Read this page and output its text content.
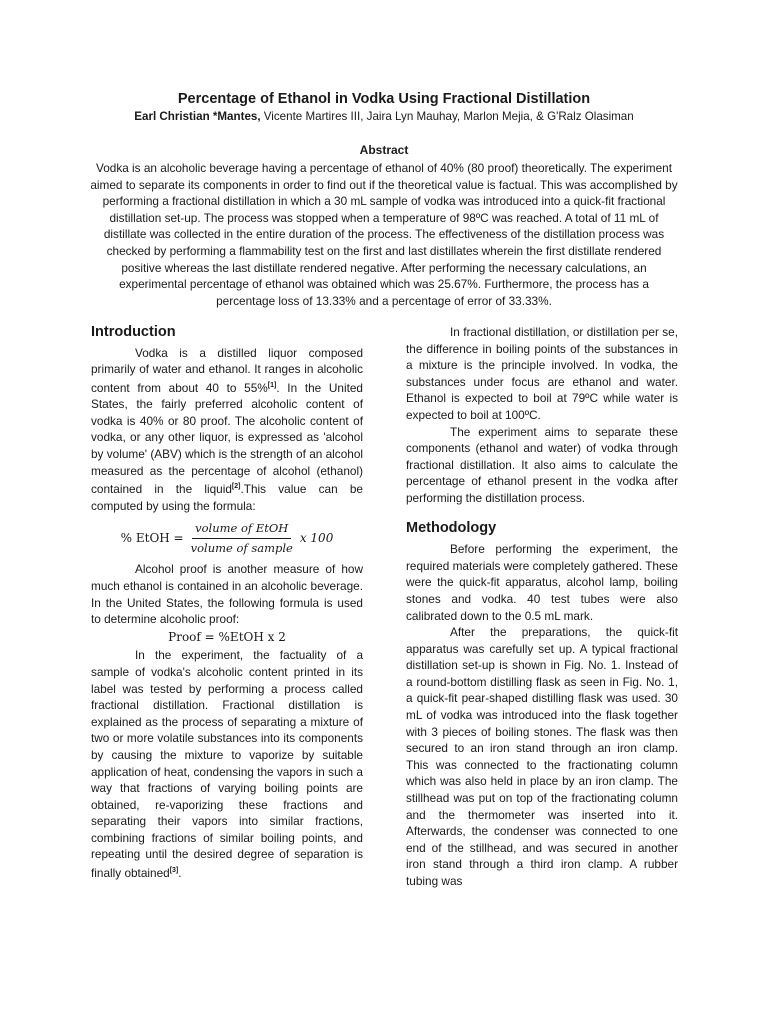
Percentage of Ethanol in Vodka Using Fractional Distillation
Earl Christian *Mantes, Vicente Martires III, Jaira Lyn Mauhay, Marlon Mejia, & G'Ralz Olasiman
Abstract
Vodka is an alcoholic beverage having a percentage of ethanol of 40% (80 proof) theoretically. The experiment aimed to separate its components in order to find out if the theoretical value is factual. This was accomplished by performing a fractional distillation in which a 30 mL sample of vodka was introduced into a quick-fit fractional distillation set-up. The process was stopped when a temperature of 98ºC was reached. A total of 11 mL of distillate was collected in the entire duration of the process. The effectiveness of the distillation process was checked by performing a flammability test on the first and last distillates wherein the first distillate rendered positive whereas the last distillate rendered negative. After performing the necessary calculations, an experimental percentage of ethanol was obtained which was 25.67%. Furthermore, the process has a percentage loss of 13.33% and a percentage of error of 33.33%.
Introduction

Vodka is a distilled liquor composed primarily of water and ethanol. It ranges in alcoholic content from about 40 to 55%[1]. In the United States, the fairly preferred alcoholic content of vodka is 40% or 80 proof. The alcoholic content of vodka, or any other liquor, is expressed as 'alcohol by volume' (ABV) which is the strength of an alcohol measured as the percentage of alcohol (ethanol) contained in the liquid[2].This value can be computed by using the formula:

% EtOH = $\frac{\text{volume of EtOH}}{\text{volume of sample}}$ x 100

Alcohol proof is another measure of how much ethanol is contained in an alcoholic beverage. In the United States, the following formula is used to determine alcoholic proof:

Proof = %EtOH x 2

In the experiment, the factuality of a sample of vodka's alcoholic content printed in its label was tested by performing a process called fractional distillation. Fractional distillation is explained as the process of separating a mixture of two or more volatile substances into its components by causing the mixture to vaporize by suitable application of heat, condensing the vapors in such a way that fractions of varying boiling points are obtained, re-vaporizing these fractions and separating their vapors into similar fractions, combining fractions of similar boiling points, and repeating until the desired degree of separation is finally obtained[3].

In fractional distillation, or distillation per se, the difference in boiling points of the substances in a mixture is the principle involved. In vodka, the substances under focus are ethanol and water. Ethanol is expected to boil at 79ºC while water is expected to boil at 100ºC.

The experiment aims to separate these components (ethanol and water) of vodka through fractional distillation. It also aims to calculate the percentage of ethanol present in the vodka after performing the distillation process.

Methodology

Before performing the experiment, the required materials were completely gathered. These were the quick-fit apparatus, alcohol lamp, boiling stones and vodka. 40 test tubes were also calibrated down to the 0.5 mL mark.

After the preparations, the quick-fit apparatus was carefully set up. A typical fractional distillation set-up is shown in Fig. No. 1. Instead of a round-bottom distilling flask as seen in Fig. No. 1, a quick-fit pear-shaped distilling flask was used. 30 mL of vodka was introduced into the flask together with 3 pieces of boiling stones. The flask was then secured to an iron stand through an iron clamp. This was connected to the fractionating column which was also held in place by an iron clamp. The stillhead was put on top of the fractionating column and the thermometer was inserted into it. Afterwards, the condenser was connected to one end of the stillhead, and was secured in another iron stand through a third iron clamp. A rubber tubing was
